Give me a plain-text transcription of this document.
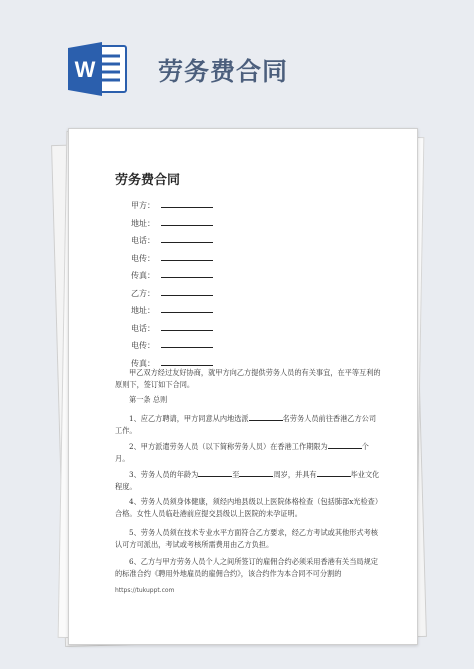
W	劳务费合同
劳务费合同
甲方：
地址：
电话：
电传：
传真：
乙方：
地址：
电话：
电传：
传真：
甲乙双方经过友好协商，就甲方向乙方提供劳务人员的有关事宜，在平等互利的原则下，签订如下合同。
第一条 总则
1、应乙方聘请，甲方同意从内地选派	名劳务人员前往香港乙方公司工作。
2、甲方派遣劳务人员（以下简称劳务人员）在香港工作期限为	个月。
3、劳务人员的年龄为	至	周岁，并具有	毕业文化程度。
4、劳务人员须身体健康，须经内地县级以上医院体格检查（包括肺部x光检查）合格。女性人员临赴港前应提交县级以上医院的未孕证明。
5、劳务人员须在技术专业水平方面符合乙方要求，经乙方考试或其他形式考核认可方可派出，考试或考核所需费用由乙方负担。
6、乙方与甲方劳务人员个人之间所签订的雇佣合约必须采用香港有关当局规定的标准合约《聘用外地雇员的雇佣合约》，该合约作为本合同不可分割的
https://tukuppt.com
